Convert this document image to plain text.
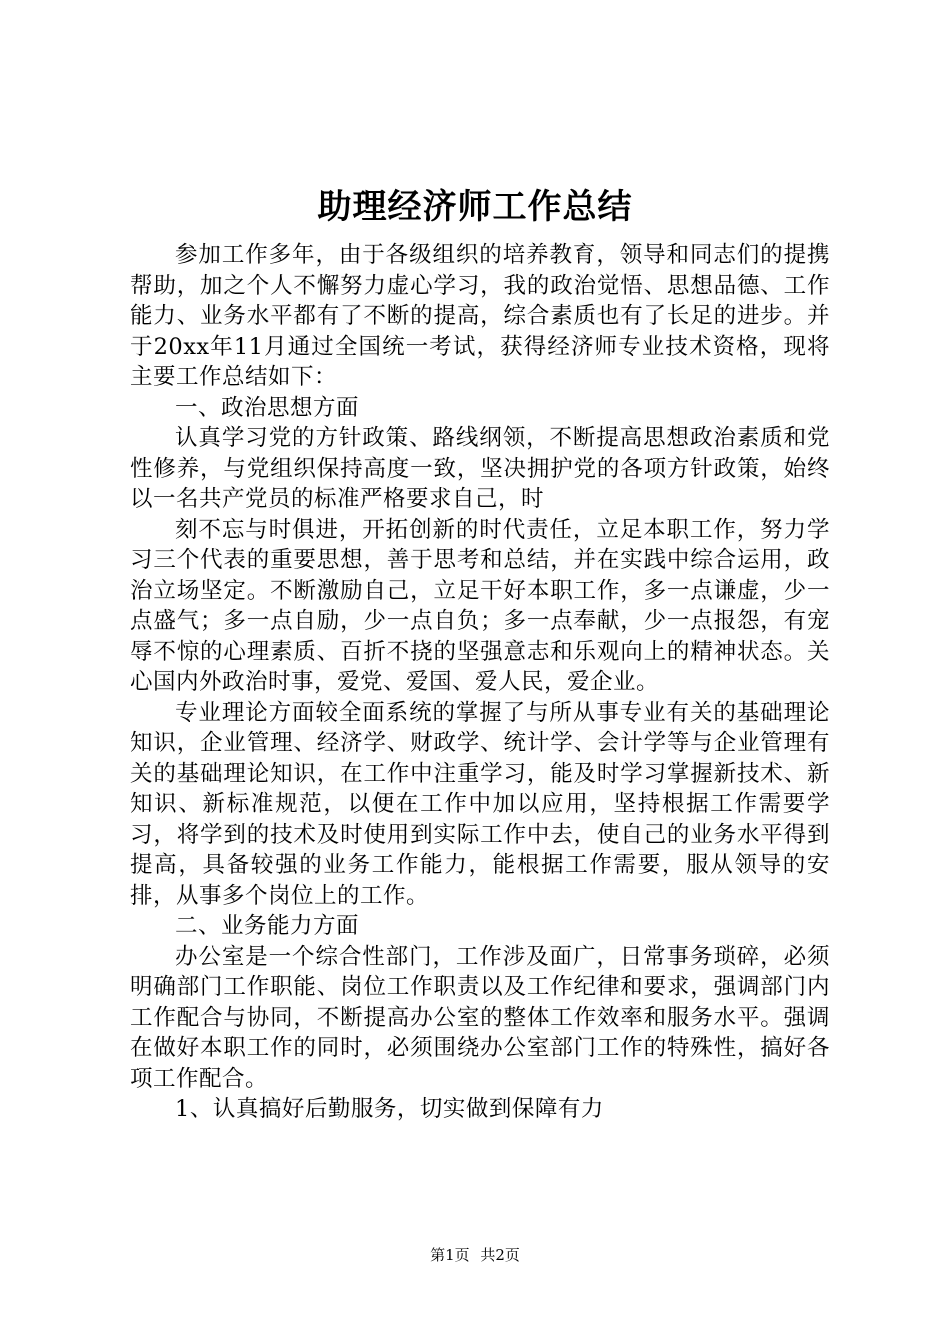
助理经济师工作总结

参加工作多年，由于各级组织的培养教育，领导和同志们的提携帮助，加之个人不懈努力虚心学习，我的政治觉悟、思想品德、工作能力、业务水平都有了不断的提高，综合素质也有了长足的进步。并于20xx年11月通过全国统一考试，获得经济师专业技术资格，现将主要工作总结如下：

一、政治思想方面

认真学习党的方针政策、路线纲领，不断提高思想政治素质和党性修养，与党组织保持高度一致，坚决拥护党的各项方针政策，始终以一名共产党员的标准严格要求自己，时

刻不忘与时俱进，开拓创新的时代责任，立足本职工作，努力学习三个代表的重要思想，善于思考和总结，并在实践中综合运用，政治立场坚定。不断激励自己，立足干好本职工作，多一点谦虚，少一点盛气；多一点自励，少一点自负；多一点奉献，少一点报怨，有宠辱不惊的心理素质、百折不挠的坚强意志和乐观向上的精神状态。关心国内外政治时事，爱党、爱国、爱人民，爱企业。

专业理论方面较全面系统的掌握了与所从事专业有关的基础理论知识，企业管理、经济学、财政学、统计学、会计学等与企业管理有关的基础理论知识，在工作中注重学习，能及时学习掌握新技术、新知识、新标准规范，以便在工作中加以应用，坚持根据工作需要学习，将学到的技术及时使用到实际工作中去，使自己的业务水平得到提高，具备较强的业务工作能力，能根据工作需要，服从领导的安排，从事多个岗位上的工作。

二、业务能力方面

办公室是一个综合性部门，工作涉及面广，日常事务琐碎，必须明确部门工作职能、岗位工作职责以及工作纪律和要求，强调部门内工作配合与协同，不断提高办公室的整体工作效率和服务水平。强调在做好本职工作的同时，必须围绕办公室部门工作的特殊性，搞好各项工作配合。

1、认真搞好后勤服务，切实做到保障有力

第1页 共2页
